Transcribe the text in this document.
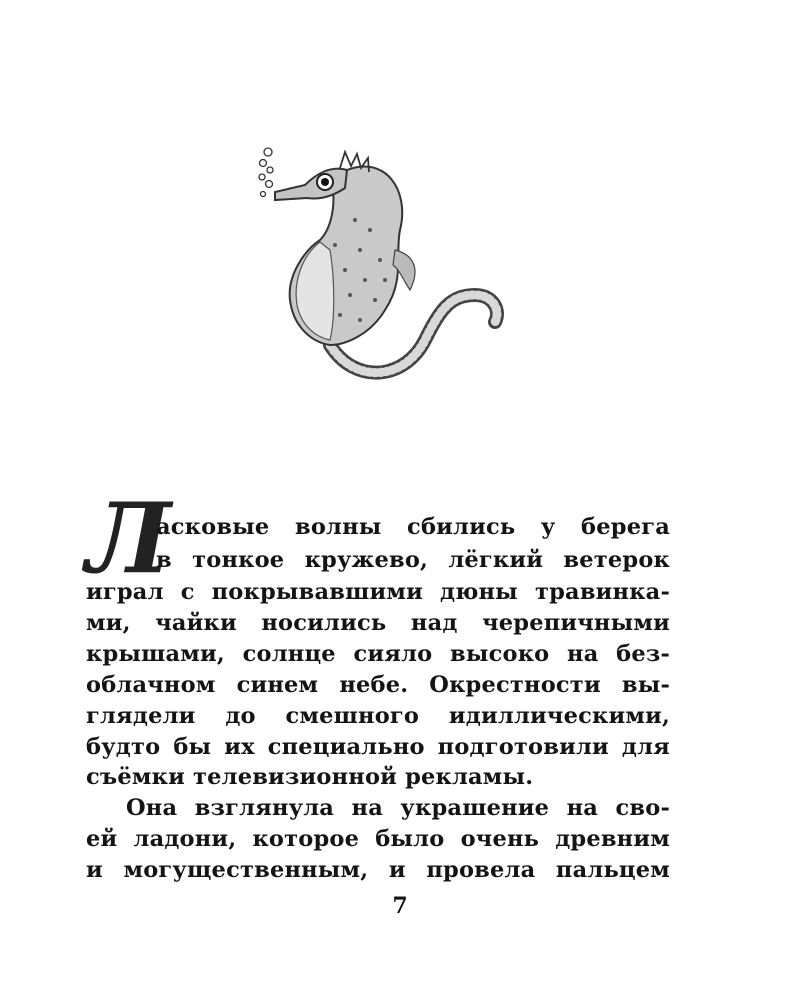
Л
асковые волны сбились у берега
в тонкое кружево, лёгкий ветерок
играл с покрывавшими дюны травинка-
ми, чайки носились над черепичными
крышами, солнце сияло высоко на без-
облачном синем небе. Окрестности вы-
глядели до смешного идиллическими,
будто бы их специально подготовили для
съёмки телевизионной рекламы.
Она взглянула на украшение на сво-
ей ладони, которое было очень древним
и могущественным, и провела пальцем
7
